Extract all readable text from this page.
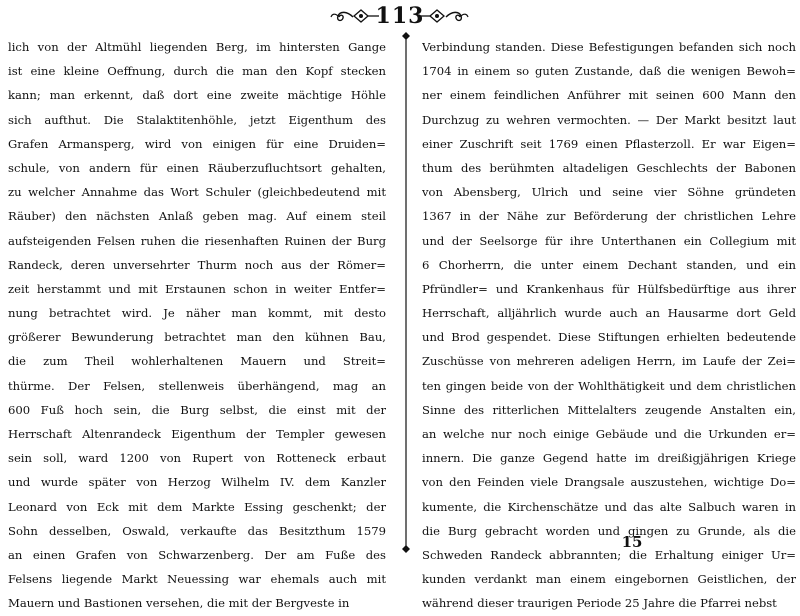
113
lich von der Altmühl liegenden Berg, im hintersten Gange
ist eine kleine Oeffnung, durch die man den Kopf stecken
kann; man erkennt, daß dort eine zweite mächtige Höhle
sich aufthut. Die Stalaktitenhöhle, jetzt Eigenthum des
Grafen Armansperg, wird von einigen für eine Druiden=
schule, von andern für einen Räuberzufluchtsort gehalten,
zu welcher Annahme das Wort Schuler (gleichbedeutend mit
Räuber) den nächsten Anlaß geben mag. Auf einem steil
aufsteigenden Felsen ruhen die riesenhaften Ruinen der Burg
Randeck, deren unversehrter Thurm noch aus der Römer=
zeit herstammt und mit Erstaunen schon in weiter Entfer=
nung betrachtet wird. Je näher man kommt, mit desto
größerer Bewunderung betrachtet man den kühnen Bau,
die zum Theil wohlerhaltenen Mauern und Streit=
thürme. Der Felsen, stellenweis überhängend, mag an
600 Fuß hoch sein, die Burg selbst, die einst mit der
Herrschaft Altenrandeck Eigenthum der Templer gewesen
sein soll, ward 1200 von Rupert von Rotteneck erbaut
und wurde später von Herzog Wilhelm IV. dem Kanzler
Leonard von Eck mit dem Markte Essing geschenkt; der
Sohn desselben, Oswald, verkaufte das Besitzthum 1579
an einen Grafen von Schwarzenberg. Der am Fuße des
Felsens liegende Markt Neuessing war ehemals auch mit
Mauern und Bastionen versehen, die mit der Bergveste in
Verbindung standen. Diese Befestigungen befanden sich noch
1704 in einem so guten Zustande, daß die wenigen Bewoh=
ner einem feindlichen Anführer mit seinen 600 Mann den
Durchzug zu wehren vermochten. — Der Markt besitzt laut
einer Zuschrift seit 1769 einen Pflasterzoll. Er war Eigen=
thum des berühmten altadeligen Geschlechts der Babonen
von Abensberg, Ulrich und seine vier Söhne gründeten
1367 in der Nähe zur Beförderung der christlichen Lehre
und der Seelsorge für ihre Unterthanen ein Collegium mit
6 Chorherrn, die unter einem Dechant standen, und ein
Pfründler= und Krankenhaus für Hülfsbedürftige aus ihrer
Herrschaft, alljährlich wurde auch an Hausarme dort Geld
und Brod gespendet. Diese Stiftungen erhielten bedeutende
Zuschüsse von mehreren adeligen Herrn, im Laufe der Zei=
ten gingen beide von der Wohlthätigkeit und dem christlichen
Sinne des ritterlichen Mittelalters zeugende Anstalten ein,
an welche nur noch einige Gebäude und die Urkunden er=
innern. Die ganze Gegend hatte im dreißigjährigen Kriege
von den Feinden viele Drangsale auszustehen, wichtige Do=
kumente, die Kirchenschätze und das alte Salbuch waren in
die Burg gebracht worden und gingen zu Grunde, als die
Schweden Randeck abbrannten; die Erhaltung einiger Ur=
kunden verdankt man einem eingebornen Geistlichen, der
während dieser traurigen Periode 25 Jahre die Pfarrei nebst
15
